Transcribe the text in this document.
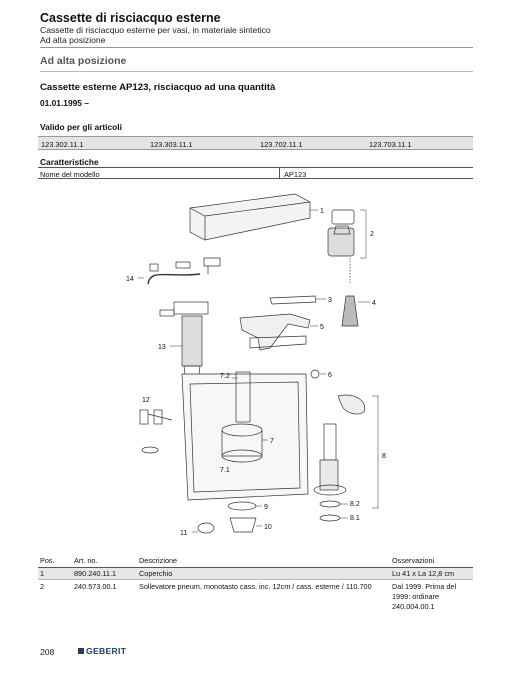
Cassette di risciacquo esterne
Cassette di risciacquo esterne per vasi, in materiale sintetico
Ad alta posizione
Ad alta posizione
Cassette esterne AP123, risciacquo ad una quantità
01.01.1995 –
Valido per gli articoli
123.302.11.1	123.303.11.1	123.702.11.1	123.703.11.1
Caratteristiche
Nome del modello	AP123
1
2
3	4
5
6
7.2
7
7.1
8
8.2
8.1
9
10
11
12
13
14
Pos.	Art. no.	Descrizione	Osservazioni
1	890.240.11.1	Coperchio	Lu 41 x La 12,8 cm
2	240.573.00.1	Sollevatore pneum. monotasto cass. inc. 12cm / cass. esterne / 110.700	Dal 1999. Prima del 1999: ordinare 240.004.00.1
208	GEBERIT
